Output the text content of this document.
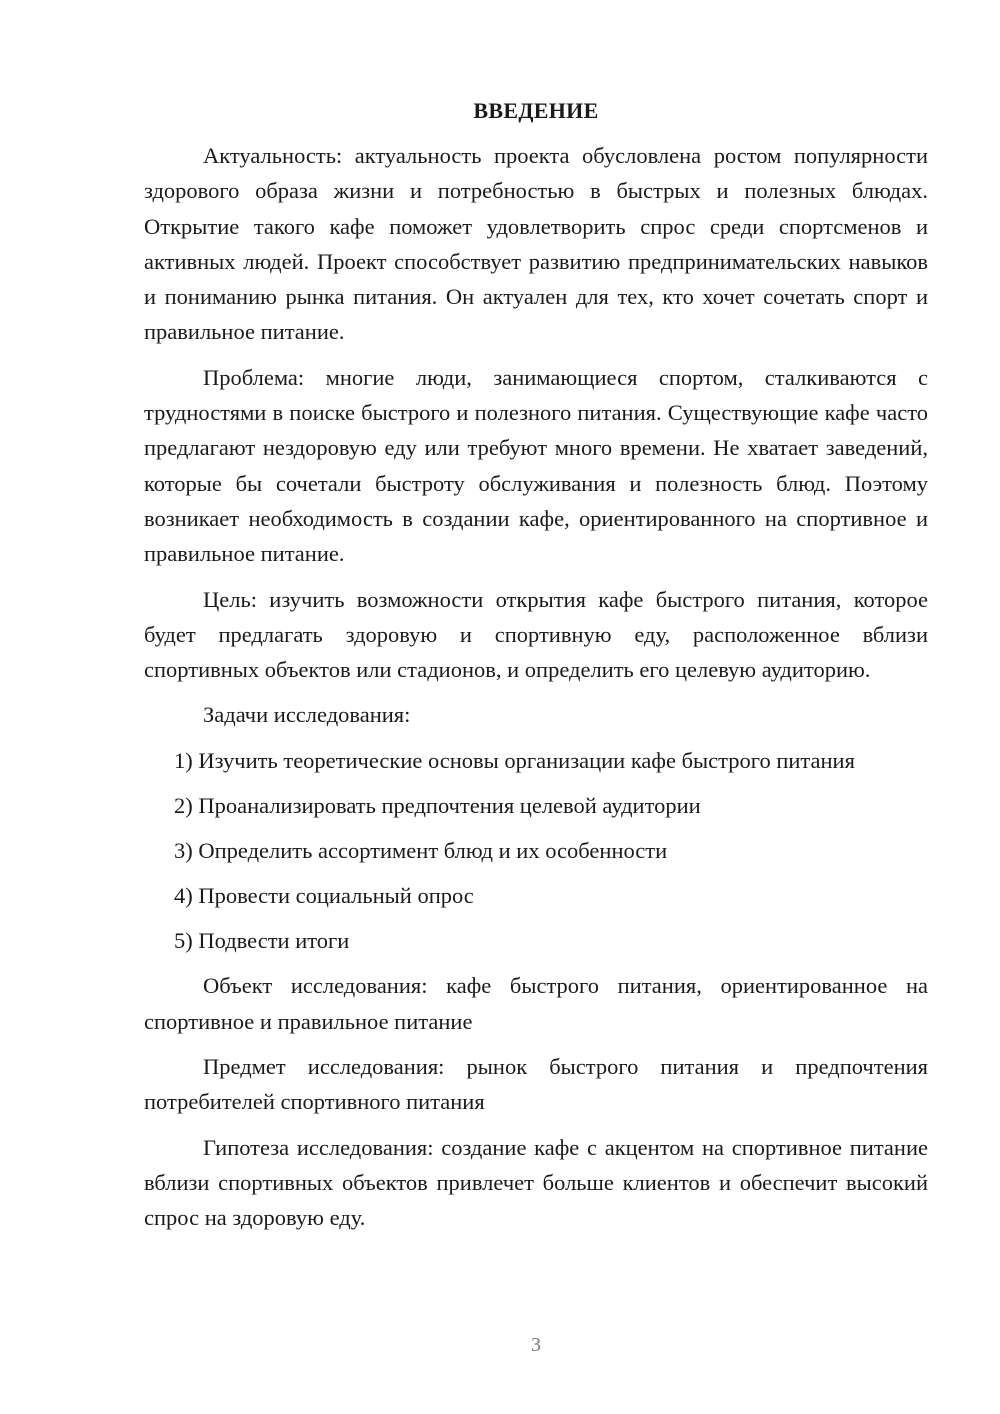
ВВЕДЕНИЕ

Актуальность: актуальность проекта обусловлена ростом популярности здорового образа жизни и потребностью в быстрых и полезных блюдах. Открытие такого кафе поможет удовлетворить спрос среди спортсменов и активных людей. Проект способствует развитию предпринимательских навыков и пониманию рынка питания. Он актуален для тех, кто хочет сочетать спорт и правильное питание.

Проблема: многие люди, занимающиеся спортом, сталкиваются с трудностями в поиске быстрого и полезного питания. Существующие кафе часто предлагают нездоровую еду или требуют много времени. Не хватает заведений, которые бы сочетали быстроту обслуживания и полезность блюд. Поэтому возникает необходимость в создании кафе, ориентированного на спортивное и правильное питание.

Цель: изучить возможности открытия кафе быстрого питания, которое будет предлагать здоровую и спортивную еду, расположенное вблизи спортивных объектов или стадионов, и определить его целевую аудиторию.

Задачи исследования:

1) Изучить теоретические основы организации кафе быстрого питания
2) Проанализировать предпочтения целевой аудитории
3) Определить ассортимент блюд и их особенности
4) Провести социальный опрос
5) Подвести итоги

Объект исследования: кафе быстрого питания, ориентированное на спортивное и правильное питание

Предмет исследования: рынок быстрого питания и предпочтения потребителей спортивного питания

Гипотеза исследования: создание кафе с акцентом на спортивное питание вблизи спортивных объектов привлечет больше клиентов и обеспечит высокий спрос на здоровую еду.

3
